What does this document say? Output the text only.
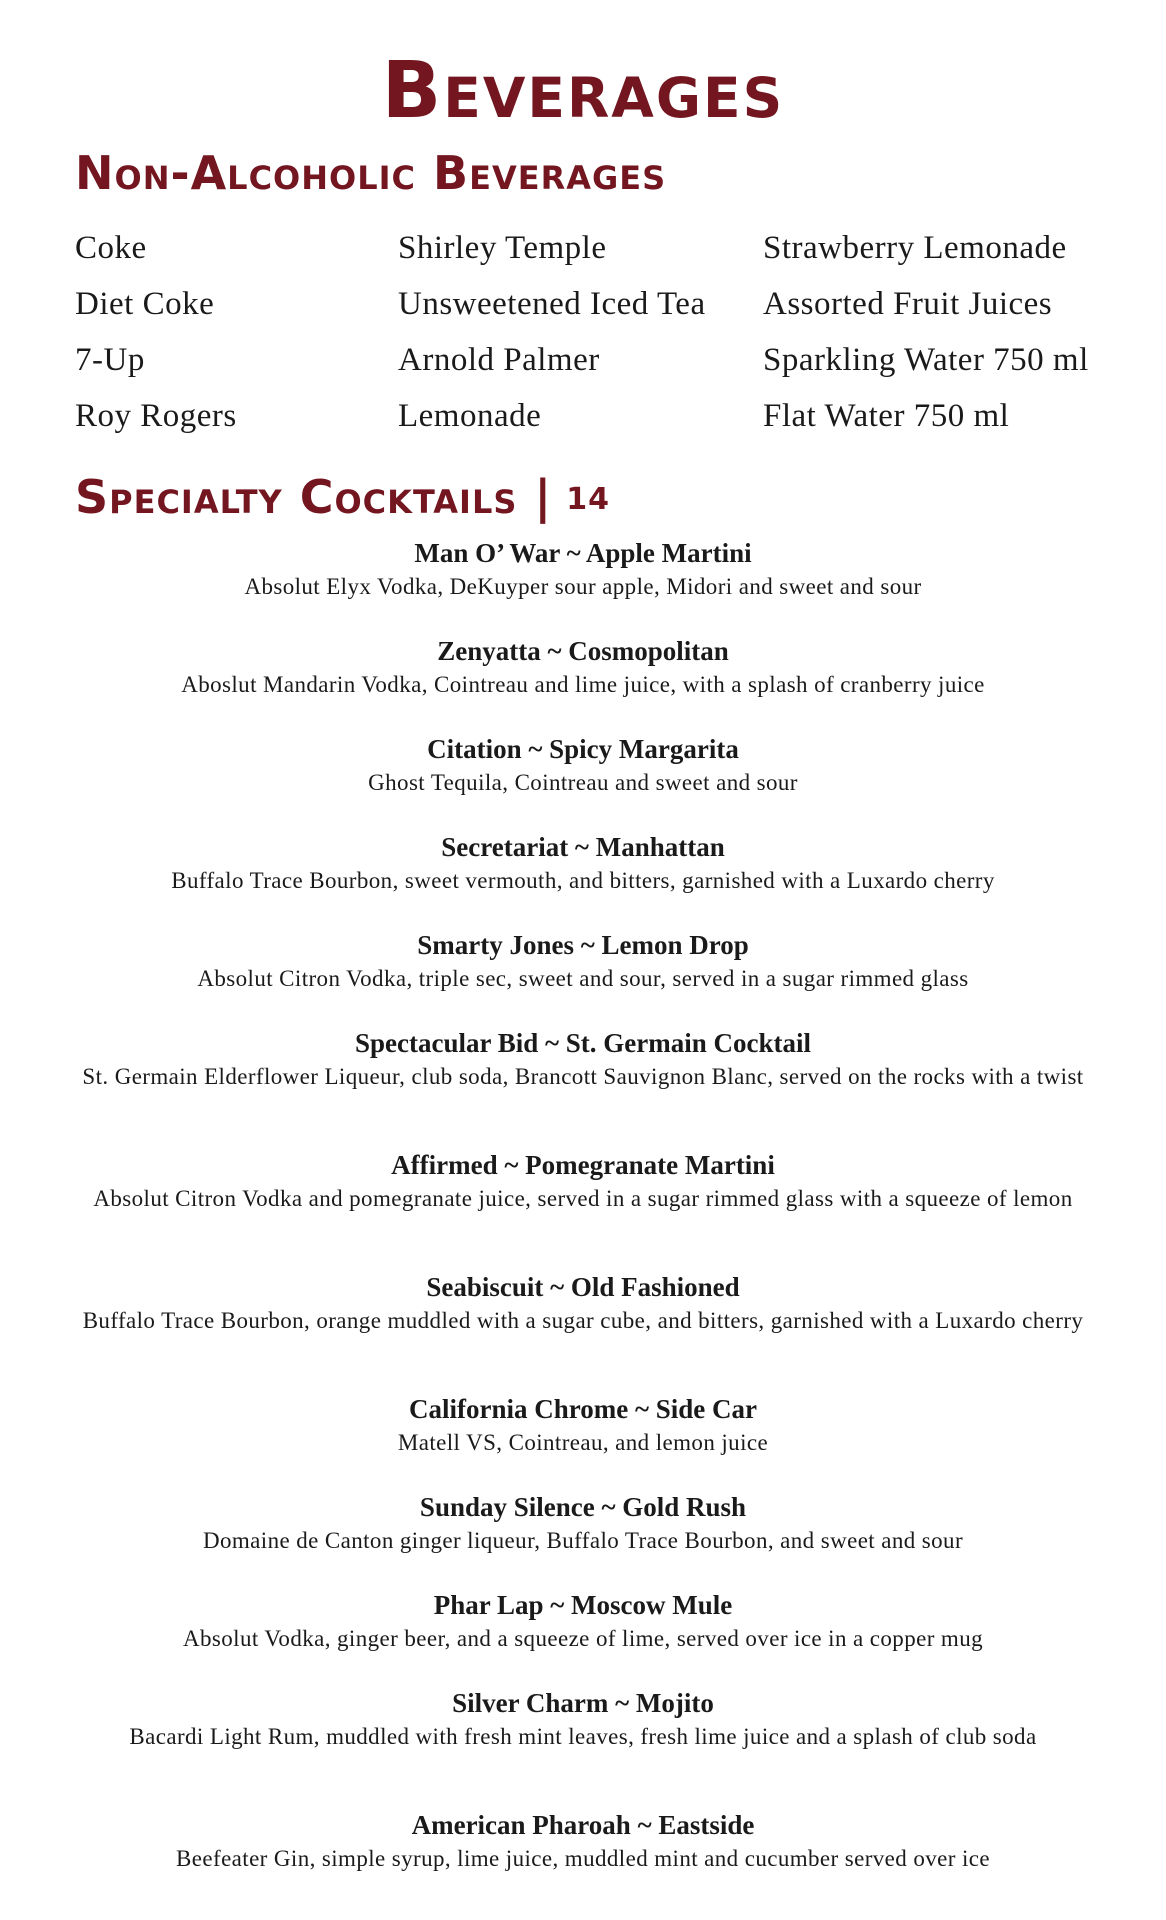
Beverages
Non-Alcoholic Beverages
Coke
Diet Coke
7-Up
Roy Rogers
Shirley Temple
Unsweetened Iced Tea
Arnold Palmer
Lemonade
Strawberry Lemonade
Assorted Fruit Juices
Sparkling Water 750 ml
Flat Water 750 ml
Specialty Cocktails | 14
Man O’ War ~ Apple Martini
Absolut Elyx Vodka, DeKuyper sour apple, Midori and sweet and sour
Zenyatta ~ Cosmopolitan
Aboslut Mandarin Vodka, Cointreau and lime juice, with a splash of cranberry juice
Citation ~ Spicy Margarita
Ghost Tequila, Cointreau and sweet and sour
Secretariat ~ Manhattan
Buffalo Trace Bourbon, sweet vermouth, and bitters, garnished with a Luxardo cherry
Smarty Jones ~ Lemon Drop
Absolut Citron Vodka, triple sec, sweet and sour, served in a sugar rimmed glass
Spectacular Bid ~ St. Germain Cocktail
St. Germain Elderflower Liqueur, club soda, Brancott Sauvignon Blanc, served on the rocks with a twist
Affirmed ~ Pomegranate Martini
Absolut Citron Vodka and pomegranate juice, served in a sugar rimmed glass with a squeeze of lemon
Seabiscuit ~ Old Fashioned
Buffalo Trace Bourbon, orange muddled with a sugar cube, and bitters, garnished with a Luxardo cherry
California Chrome ~ Side Car
Matell VS, Cointreau, and lemon juice
Sunday Silence ~ Gold Rush
Domaine de Canton ginger liqueur, Buffalo Trace Bourbon, and sweet and sour
Phar Lap ~ Moscow Mule
Absolut Vodka, ginger beer, and a squeeze of lime, served over ice in a copper mug
Silver Charm ~ Mojito
Bacardi Light Rum, muddled with fresh mint leaves, fresh lime juice and a splash of club soda
American Pharoah ~ Eastside
Beefeater Gin, simple syrup, lime juice, muddled mint and cucumber served over ice
